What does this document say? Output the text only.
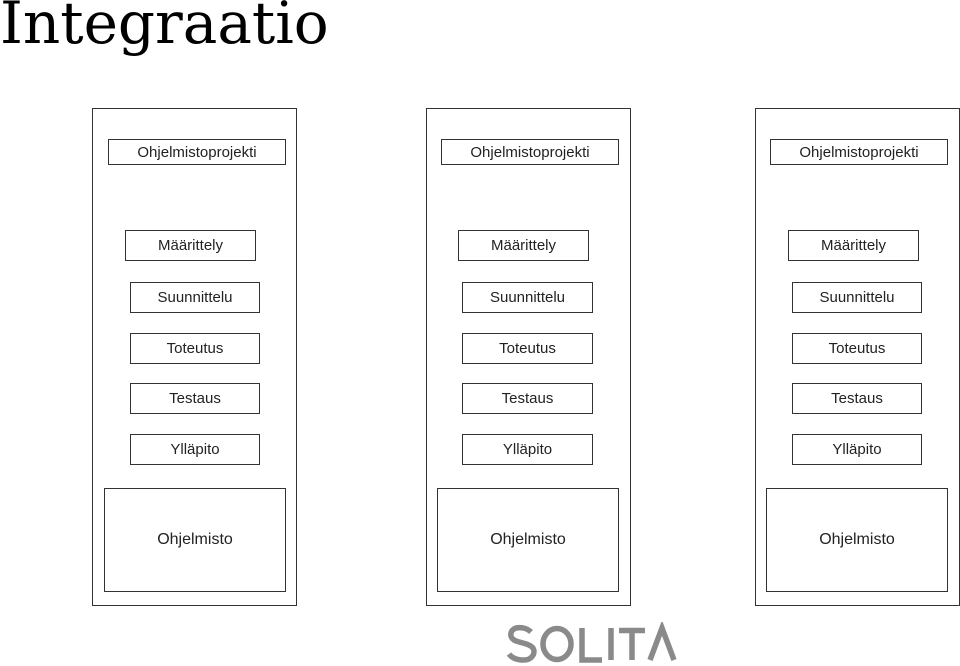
Integraatio
Ohjelmistoprojekti
Määrittely
Suunnittelu
Toteutus
Testaus
Ylläpito
Ohjelmisto
Ohjelmistoprojekti
Määrittely
Suunnittelu
Toteutus
Testaus
Ylläpito
Ohjelmisto
Ohjelmistoprojekti
Määrittely
Suunnittelu
Toteutus
Testaus
Ylläpito
Ohjelmisto
